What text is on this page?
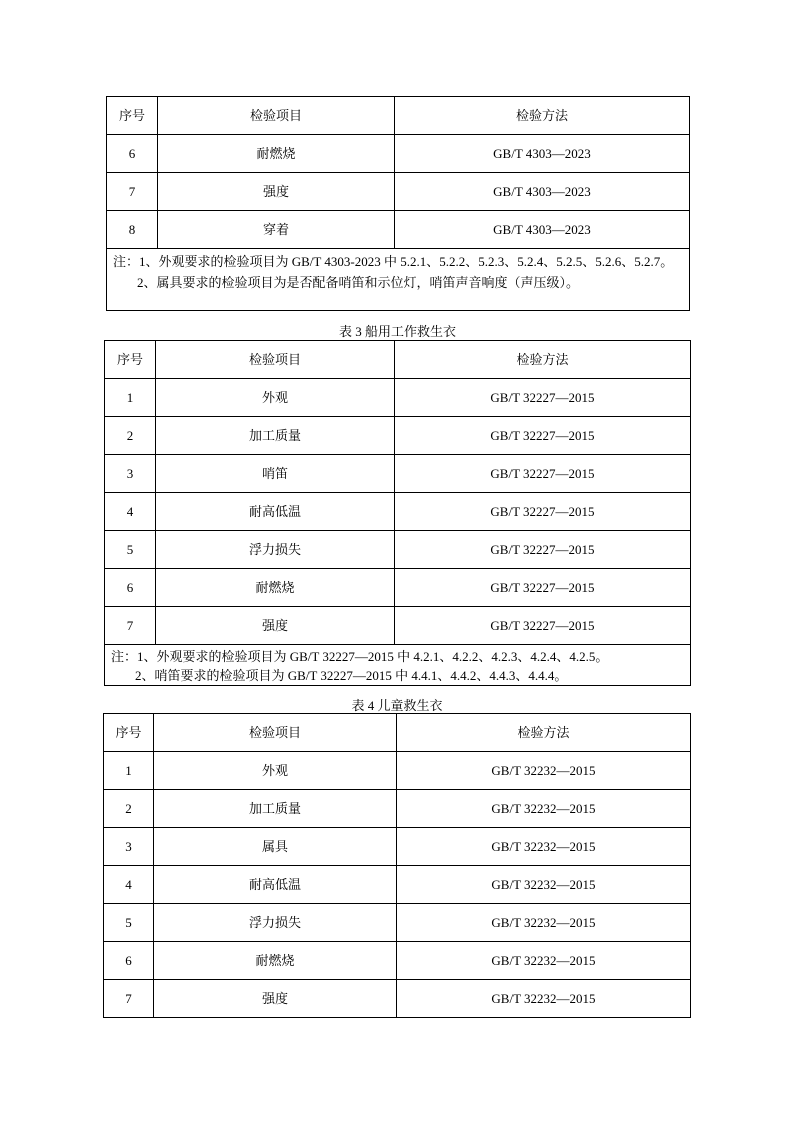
序号	检验项目	检验方法
6	耐燃烧	GB/T 4303—2023
7	强度	GB/T 4303—2023
8	穿着	GB/T 4303—2023
注：1、外观要求的检验项目为 GB/T 4303-2023 中 5.2.1、5.2.2、5.2.3、5.2.4、5.2.5、5.2.6、5.2.7。
2、属具要求的检验项目为是否配备哨笛和示位灯，哨笛声音响度（声压级）。		
表 3 船用工作救生衣
序号	检验项目	检验方法
1	外观	GB/T 32227—2015
2	加工质量	GB/T 32227—2015
3	哨笛	GB/T 32227—2015
4	耐高低温	GB/T 32227—2015
5	浮力损失	GB/T 32227—2015
6	耐燃烧	GB/T 32227—2015
7	强度	GB/T 32227—2015
注：1、外观要求的检验项目为 GB/T 32227—2015 中 4.2.1、4.2.2、4.2.3、4.2.4、4.2.5。
2、哨笛要求的检验项目为 GB/T 32227—2015 中 4.4.1、4.4.2、4.4.3、4.4.4。		
表 4 儿童救生衣
序号	检验项目	检验方法
1	外观	GB/T 32232—2015
2	加工质量	GB/T 32232—2015
3	属具	GB/T 32232—2015
4	耐高低温	GB/T 32232—2015
5	浮力损失	GB/T 32232—2015
6	耐燃烧	GB/T 32232—2015
7	强度	GB/T 32232—2015
